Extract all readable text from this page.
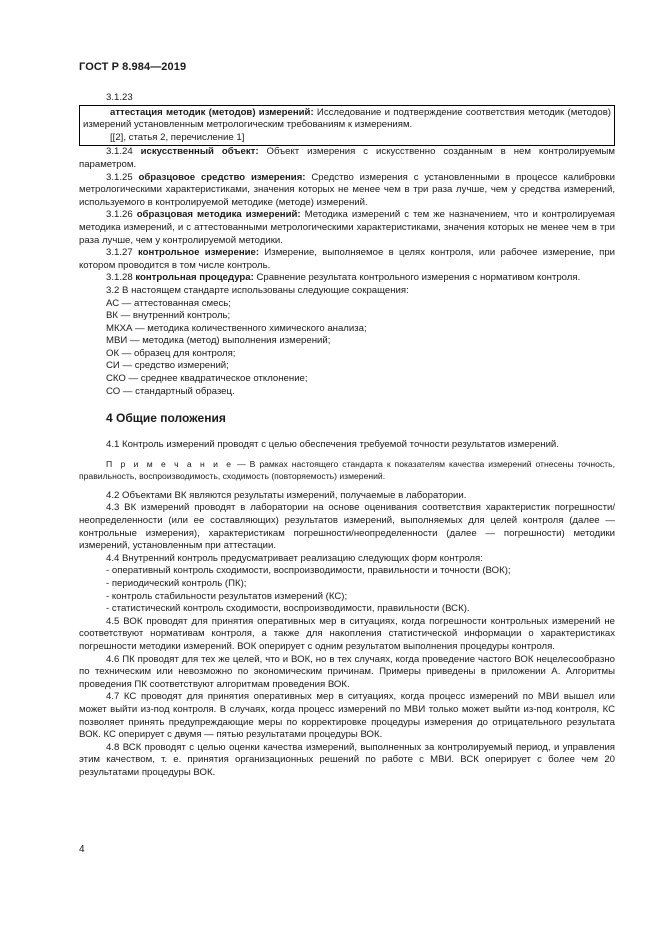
ГОСТ Р 8.984—2019

3.1.23

аттестация методик (методов) измерений: Исследование и подтверждение соответствия методик (методов) измерений установленным метрологическим требованиям к измерениям.

[[2], статья 2, перечисление 1]

3.1.24 искусственный объект: Объект измерения с искусственно созданным в нем контролируемым параметром.

3.1.25 образцовое средство измерения: Средство измерения с установленными в процессе калибровки метрологическими характеристиками, значения которых не менее чем в три раза лучше, чем у средства измерений, используемого в контролируемой методике (методе) измерений.

3.1.26 образцовая методика измерений: Методика измерений с тем же назначением, что и контролируемая методика измерений, и с аттестованными метрологическими характеристиками, значения которых не менее чем в три раза лучше, чем у контролируемой методики.

3.1.27 контрольное измерение: Измерение, выполняемое в целях контроля, или рабочее измерение, при котором проводится в том числе контроль.

3.1.28 контрольная процедура: Сравнение результата контрольного измерения с нормативом контроля.

3.2 В настоящем стандарте использованы следующие сокращения:

АС — аттестованная смесь;

ВК — внутренний контроль;

МКХА — методика количественного химического анализа;

МВИ — методика (метод) выполнения измерений;

ОК — образец для контроля;

СИ — средство измерений;

СКО — среднее квадратическое отклонение;

СО — стандартный образец.

4 Общие положения

4.1 Контроль измерений проводят с целью обеспечения требуемой точности результатов измерений.

П р и м е ч а н и е — В рамках настоящего стандарта к показателям качества измерений отнесены точность, правильность, воспроизводимость, сходимость (повторяемость) измерений.

4.2 Объектами ВК являются результаты измерений, получаемые в лаборатории.

4.3 ВК измерений проводят в лаборатории на основе оценивания соответствия характеристик погрешности/неопределенности (или ее составляющих) результатов измерений, выполняемых для целей контроля (далее — контрольные измерения), характеристикам погрешности/неопределенности (далее — погрешности) методики измерений, установленным при аттестации.

4.4 Внутренний контроль предусматривает реализацию следующих форм контроля:

- оперативный контроль сходимости, воспроизводимости, правильности и точности (ВОК);

- периодический контроль (ПК);

- контроль стабильности результатов измерений (КС);

- статистический контроль сходимости, воспроизводимости, правильности (ВСК).

4.5 ВОК проводят для принятия оперативных мер в ситуациях, когда погрешности контрольных измерений не соответствуют нормативам контроля, а также для накопления статистической информации о характеристиках погрешности методики измерений. ВОК оперирует с одним результатом выполнения процедуры контроля.

4.6 ПК проводят для тех же целей, что и ВОК, но в тех случаях, когда проведение частого ВОК нецелесообразно по техническим или невозможно по экономическим причинам. Примеры приведены в приложении А. Алгоритмы проведения ПК соответствуют алгоритмам проведения ВОК.

4.7 КС проводят для принятия оперативных мер в ситуациях, когда процесс измерений по МВИ вышел или может выйти из-под контроля. В случаях, когда процесс измерений по МВИ только может выйти из-под контроля, КС позволяет принять предупреждающие меры по корректировке процедуры измерения до отрицательного результата ВОК. КС оперирует с двумя — пятью результатами процедуры ВОК.

4.8 ВСК проводят с целью оценки качества измерений, выполненных за контролируемый период, и управления этим качеством, т. е. принятия организационных решений по работе с МВИ. ВСК оперирует с более чем 20 результатами процедуры ВОК.

4
